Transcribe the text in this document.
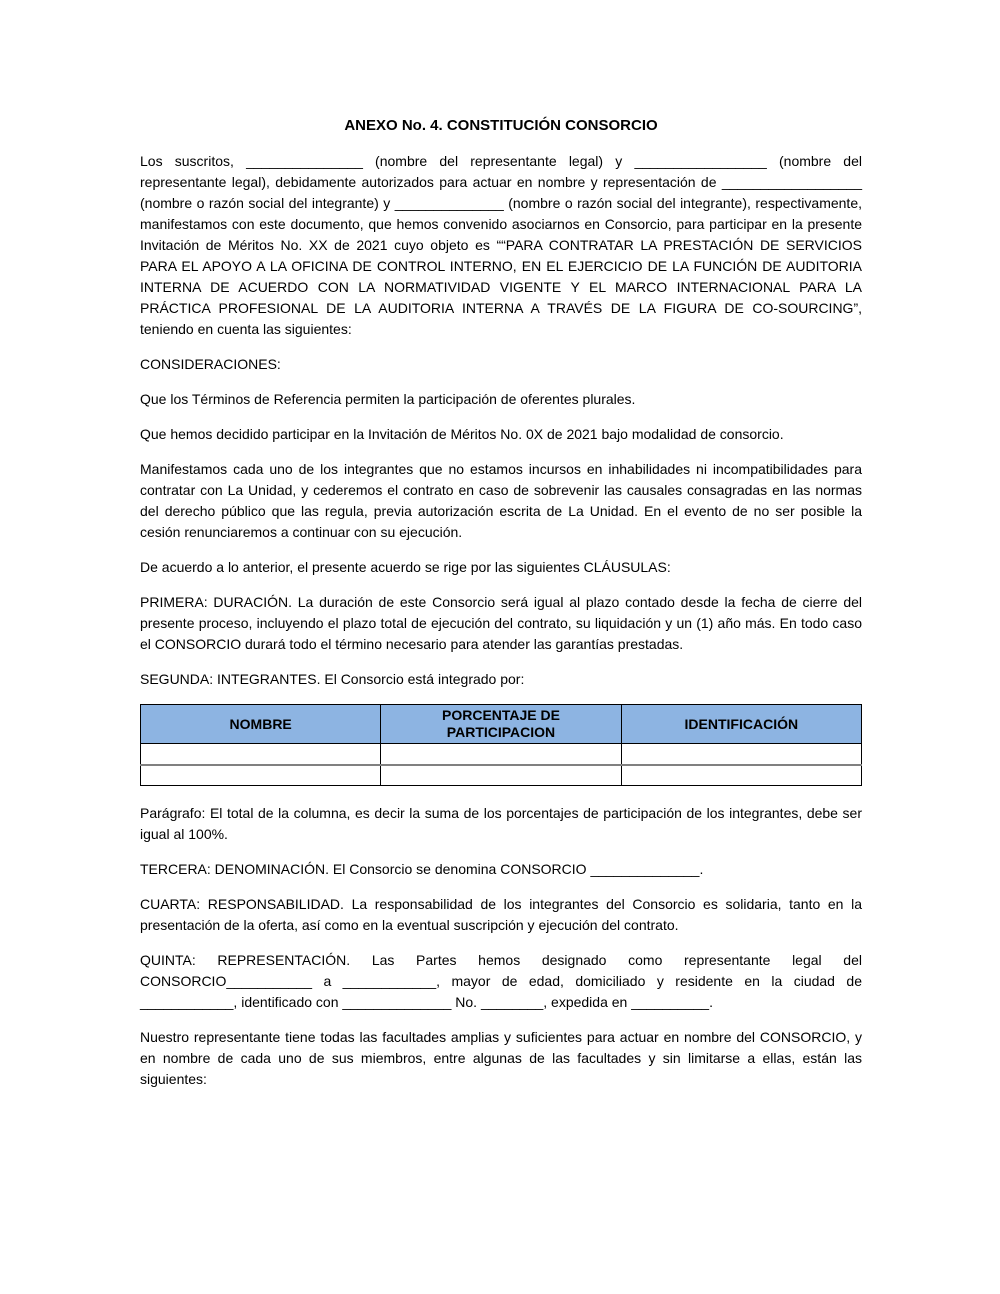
ANEXO No. 4. CONSTITUCIÓN CONSORCIO

Los suscritos, _______________ (nombre del representante legal) y _________________ (nombre del representante legal), debidamente autorizados para actuar en nombre y representación de __________________ (nombre o razón social del integrante) y ______________ (nombre o razón social del integrante), respectivamente, manifestamos con este documento, que hemos convenido asociarnos en Consorcio, para participar en la presente Invitación de Méritos No. XX de 2021 cuyo objeto es ““PARA CONTRATAR LA PRESTACIÓN DE SERVICIOS PARA EL APOYO A LA OFICINA DE CONTROL INTERNO, EN EL EJERCICIO DE LA FUNCIÓN DE AUDITORIA INTERNA DE ACUERDO CON LA NORMATIVIDAD VIGENTE Y EL MARCO INTERNACIONAL PARA LA PRÁCTICA PROFESIONAL DE LA AUDITORIA INTERNA A TRAVÉS DE LA FIGURA DE CO-SOURCING”, teniendo en cuenta las siguientes:

CONSIDERACIONES:

Que los Términos de Referencia permiten la participación de oferentes plurales.

Que hemos decidido participar en la Invitación de Méritos No. 0X de 2021 bajo modalidad de consorcio.

Manifestamos cada uno de los integrantes que no estamos incursos en inhabilidades ni incompatibilidades para contratar con La Unidad, y cederemos el contrato en caso de sobrevenir las causales consagradas en las normas del derecho público que las regula, previa autorización escrita de La Unidad. En el evento de no ser posible la cesión renunciaremos a continuar con su ejecución.

De acuerdo a lo anterior, el presente acuerdo se rige por las siguientes CLÁUSULAS:

PRIMERA: DURACIÓN. La duración de este Consorcio será igual al plazo contado desde la fecha de cierre del presente proceso, incluyendo el plazo total de ejecución del contrato, su liquidación y un (1) año más. En todo caso el CONSORCIO durará todo el término necesario para atender las garantías prestadas.

SEGUNDA: INTEGRANTES. El Consorcio está integrado por:

NOMBRE	PORCENTAJE DE PARTICIPACION	IDENTIFICACIÓN

Parágrafo: El total de la columna, es decir la suma de los porcentajes de participación de los integrantes, debe ser igual al 100%.

TERCERA: DENOMINACIÓN. El Consorcio se denomina CONSORCIO ______________.

CUARTA: RESPONSABILIDAD. La responsabilidad de los integrantes del Consorcio es solidaria, tanto en la presentación de la oferta, así como en la eventual suscripción y ejecución del contrato.

QUINTA: REPRESENTACIÓN. Las Partes hemos designado como representante legal del CONSORCIO___________ a ____________, mayor de edad, domiciliado y residente en la ciudad de ____________, identificado con ______________ No. ________, expedida en __________.

Nuestro representante tiene todas las facultades amplias y suficientes para actuar en nombre del CONSORCIO, y en nombre de cada uno de sus miembros, entre algunas de las facultades y sin limitarse a ellas, están las siguientes:
